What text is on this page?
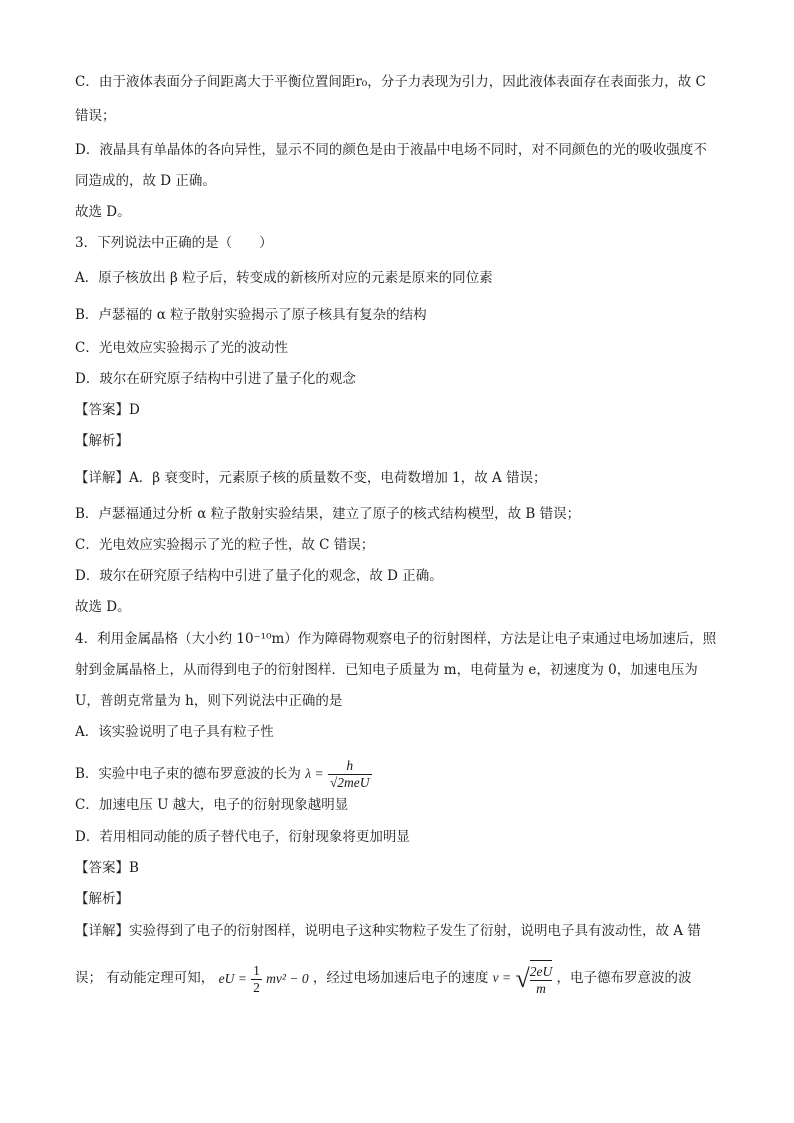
C．由于液体表面分子间距离大于平衡位置间距r₀，分子力表现为引力，因此液体表面存在表面张力，故 C
错误；
D．液晶具有单晶体的各向异性，显示不同的颜色是由于液晶中电场不同时，对不同颜色的光的吸收强度不
同造成的，故 D 正确。
故选 D。
3．下列说法中正确的是（　　）
A．原子核放出 β 粒子后，转变成的新核所对应的元素是原来的同位素
B．卢瑟福的 α 粒子散射实验揭示了原子核具有复杂的结构
C．光电效应实验揭示了光的波动性
D．玻尔在研究原子结构中引进了量子化的观念
【答案】D
【解析】
【详解】A．β 衰变时，元素原子核的质量数不变，电荷数增加 1，故 A 错误；
B．卢瑟福通过分析 α 粒子散射实验结果，建立了原子的核式结构模型，故 B 错误；
C．光电效应实验揭示了光的粒子性，故 C 错误；
D．玻尔在研究原子结构中引进了量子化的观念，故 D 正确。
故选 D。
4．利用金属晶格（大小约 10⁻¹⁰m）作为障碍物观察电子的衍射图样，方法是让电子束通过电场加速后，照
射到金属晶格上，从而得到电子的衍射图样．已知电子质量为 m，电荷量为 e，初速度为 0，加速电压为
U，普朗克常量为 h，则下列说法中正确的是
A．该实验说明了电子具有粒子性
B．实验中电子束的德布罗意波的长为 $\lambda = \frac{h}{\text{√2meU}}$
C．加速电压 U 越大，电子的衍射现象越明显
D．若用相同动能的质子替代电子，衍射现象将更加明显
【答案】B
【解析】
【详解】实验得到了电子的衍射图样，说明电子这种实物粒子发生了衍射，说明电子具有波动性，故 A 错
误； 有动能定理可知， eU = $\frac{1}{2} mv^2 - 0$ ，经过电场加速后电子的速度 v = √ $\frac{2eU}{m}$ ，电子德布罗意波的波
